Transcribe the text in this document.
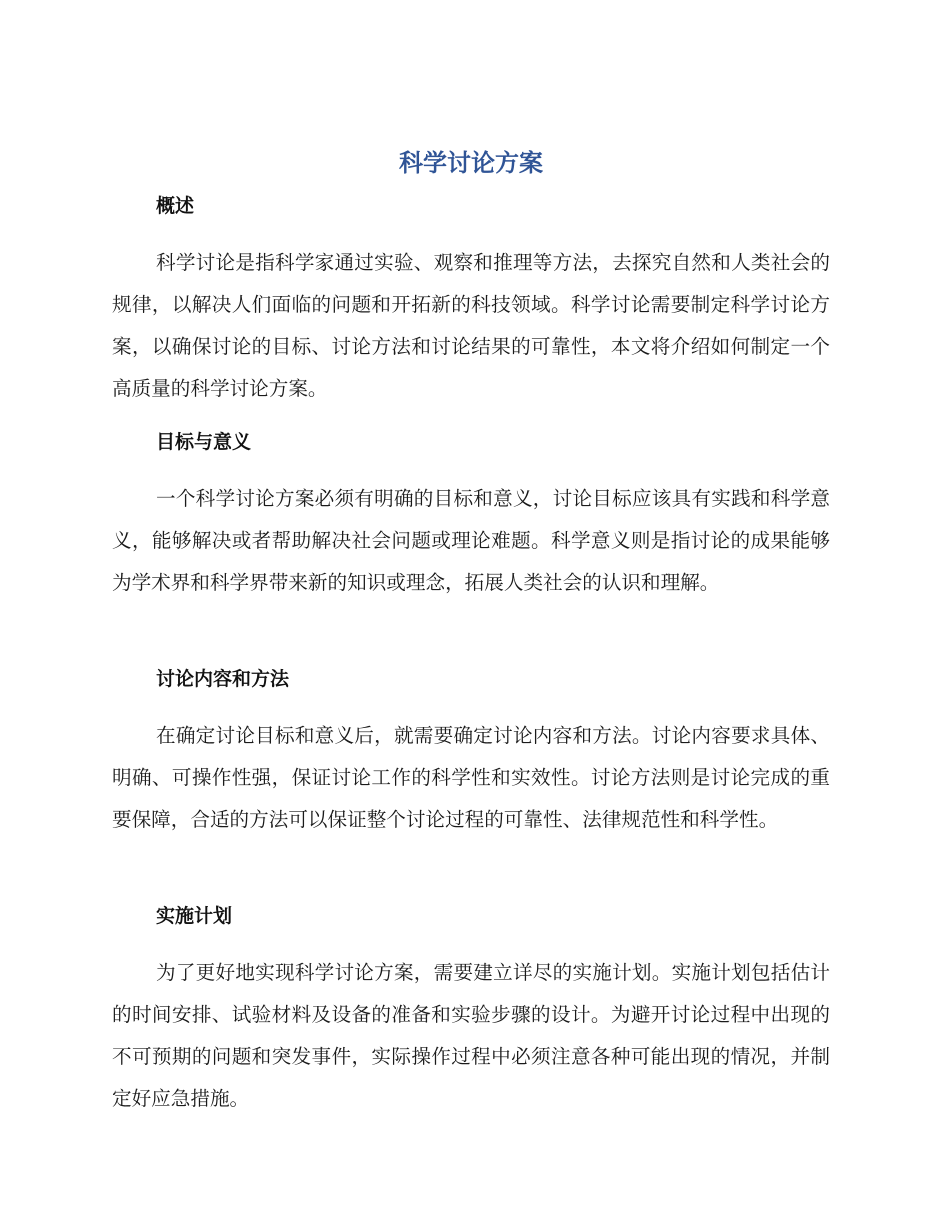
科学讨论方案
概述

科学讨论是指科学家通过实验、观察和推理等方法，去探究自然和人类社会的规律，以解决人们面临的问题和开拓新的科技领域。科学讨论需要制定科学讨论方案，以确保讨论的目标、讨论方法和讨论结果的可靠性，本文将介绍如何制定一个高质量的科学讨论方案。

目标与意义

一个科学讨论方案必须有明确的目标和意义，讨论目标应该具有实践和科学意义，能够解决或者帮助解决社会问题或理论难题。科学意义则是指讨论的成果能够为学术界和科学界带来新的知识或理念，拓展人类社会的认识和理解。

讨论内容和方法

在确定讨论目标和意义后，就需要确定讨论内容和方法。讨论内容要求具体、明确、可操作性强，保证讨论工作的科学性和实效性。讨论方法则是讨论完成的重要保障，合适的方法可以保证整个讨论过程的可靠性、法律规范性和科学性。

实施计划

为了更好地实现科学讨论方案，需要建立详尽的实施计划。实施计划包括估计的时间安排、试验材料及设备的准备和实验步骤的设计。为避开讨论过程中出现的不可预期的问题和突发事件，实际操作过程中必须注意各种可能出现的情况，并制定好应急措施。
